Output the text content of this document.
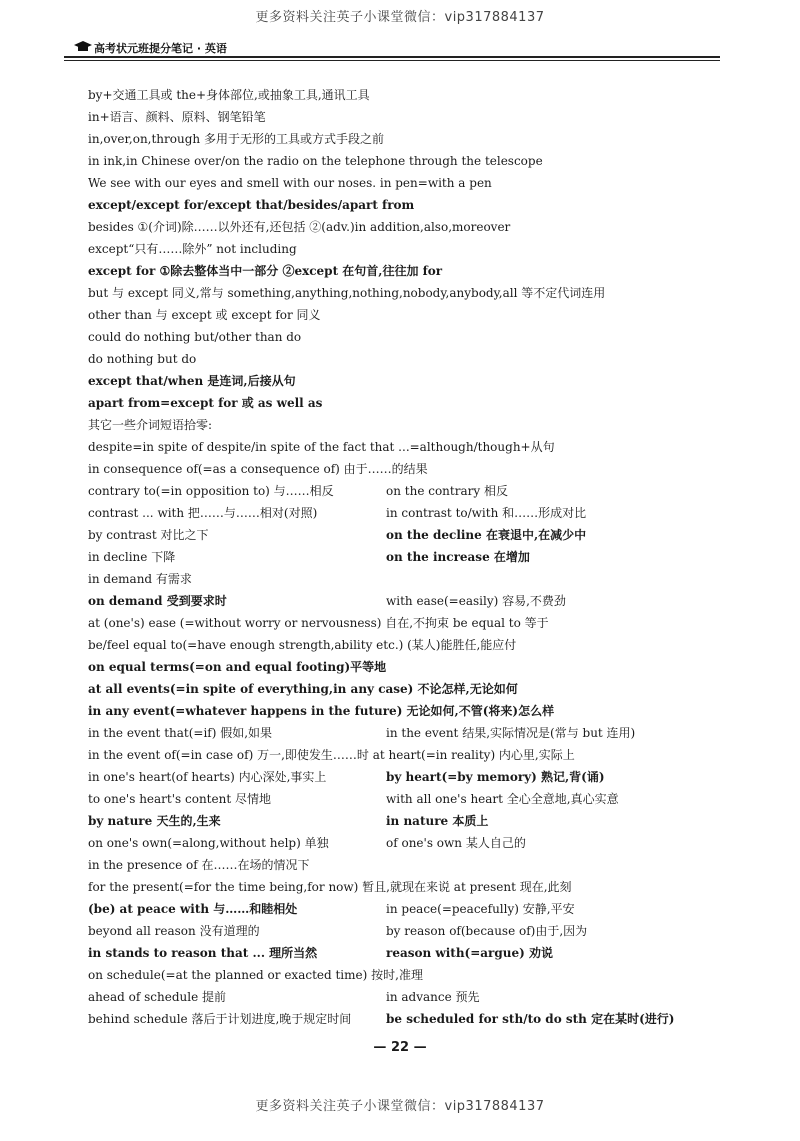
更多资料关注英子小课堂微信：vip317884137
高考状元班提分笔记 · 英语
by+交通工具或 the+身体部位,或抽象工具,通讯工具
in+语言、颜料、原料、钢笔铅笔
in,over,on,through 多用于无形的工具或方式手段之前
in ink,in Chinese over/on the radio on the telephone through the telescope
We see with our eyes and smell with our noses. in pen=with a pen
except/except for/except that/besides/apart from
besides ①(介词)除……以外还有,还包括 ②(adv.)in addition,also,moreover
except“只有……除外” not including
except for ①除去整体当中一部分 ②except 在句首,往往加 for
but 与 except 同义,常与 something,anything,nothing,nobody,anybody,all 等不定代词连用
other than 与 except 或 except for 同义
could do nothing but/other than do
do nothing but do
except that/when 是连词,后接从句
apart from=except for 或 as well as
其它一些介词短语拾零:
despite=in spite of despite/in spite of the fact that ...=although/though+从句
in consequence of(=as a consequence of) 由于……的结果
contrary to(=in opposition to) 与……相反	on the contrary 相反
contrast ... with 把……与……相对(对照)	in contrast to/with 和……形成对比
by contrast 对比之下	on the decline 在衰退中,在减少中
in decline 下降	on the increase 在增加
in demand 有需求
on demand 受到要求时	with ease(=easily) 容易,不费劲
at (one's) ease (=without worry or nervousness) 自在,不拘束 be equal to 等于
be/feel equal to(=have enough strength,ability etc.) (某人)能胜任,能应付
on equal terms(=on and equal footing)平等地
at all events(=in spite of everything,in any case) 不论怎样,无论如何
in any event(=whatever happens in the future) 无论如何,不管(将来)怎么样
in the event that(=if) 假如,如果	in the event 结果,实际情况是(常与 but 连用)
in the event of(=in case of) 万一,即使发生……时 at heart(=in reality) 内心里,实际上
in one's heart(of hearts) 内心深处,事实上	by heart(=by memory) 熟记,背(诵)
to one's heart's content 尽情地	with all one's heart 全心全意地,真心实意
by nature 天生的,生来	in nature 本质上
on one's own(=along,without help) 单独	of one's own 某人自己的
in the presence of 在……在场的情况下
for the present(=for the time being,for now) 暂且,就现在来说 at present 现在,此刻
(be) at peace with 与……和睦相处	in peace(=peacefully) 安静,平安
beyond all reason 没有道理的	by reason of(because of)由于,因为
in stands to reason that ... 理所当然	reason with(=argue) 劝说
on schedule(=at the planned or exacted time) 按时,准理
ahead of schedule 提前	in advance 预先
behind schedule 落后于计划进度,晚于规定时间	be scheduled for sth/to do sth 定在某时(进行)
— 22 —
更多资料关注英子小课堂微信：vip317884137
